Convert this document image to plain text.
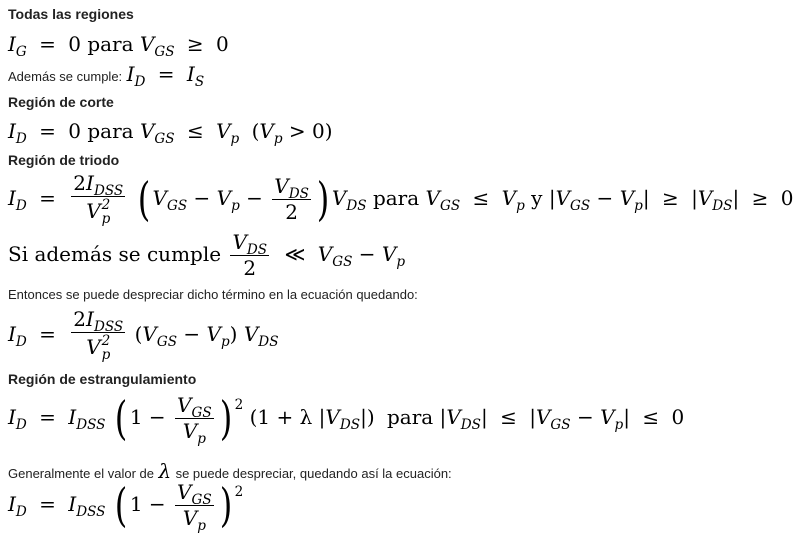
Todas las regiones
$I_G = 0$ para $V_{GS} \ge 0$
Además se cumple: $I_D = I_S$
Región de corte
$I_D = 0$ para $V_{GS} \le V_p$ $(V_p > 0)$
Región de triodo
$I_D = 2I_{DSS}$
V 2
p ( $V_{GS} - V_p - \frac{V_{DS}}{2}$ ) $V_{DS}$ para $V_{GS} \le V_p$ y $|V_{GS} - V_p| \ge |V_{DS}| \ge 0$
Si además se cumple $\frac{V_{DS}}{2}$ ≪ $V_{GS} - V_p$
Entonces se puede despreciar dicho término en la ecuación quedando:
$I_D = 2I_{DSS}$
V 2
p $(V_{GS} - V_p)$ $V_{DS}$
Región de estrangulamiento
$I_D = I_{DSS}$ ( $1 - \frac{V_{GS}}{V_p}$ ) $^2$ (1 + λ $|V_{DS}|$) para $|V_{DS}| \le |V_{GS} - V_p| \le 0$
Generalmente el valor de λ se puede despreciar, quedando así la ecuación:
$I_D = I_{DSS}$ ( $1 - \frac{V_{GS}}{V_p}$ ) $^2$
